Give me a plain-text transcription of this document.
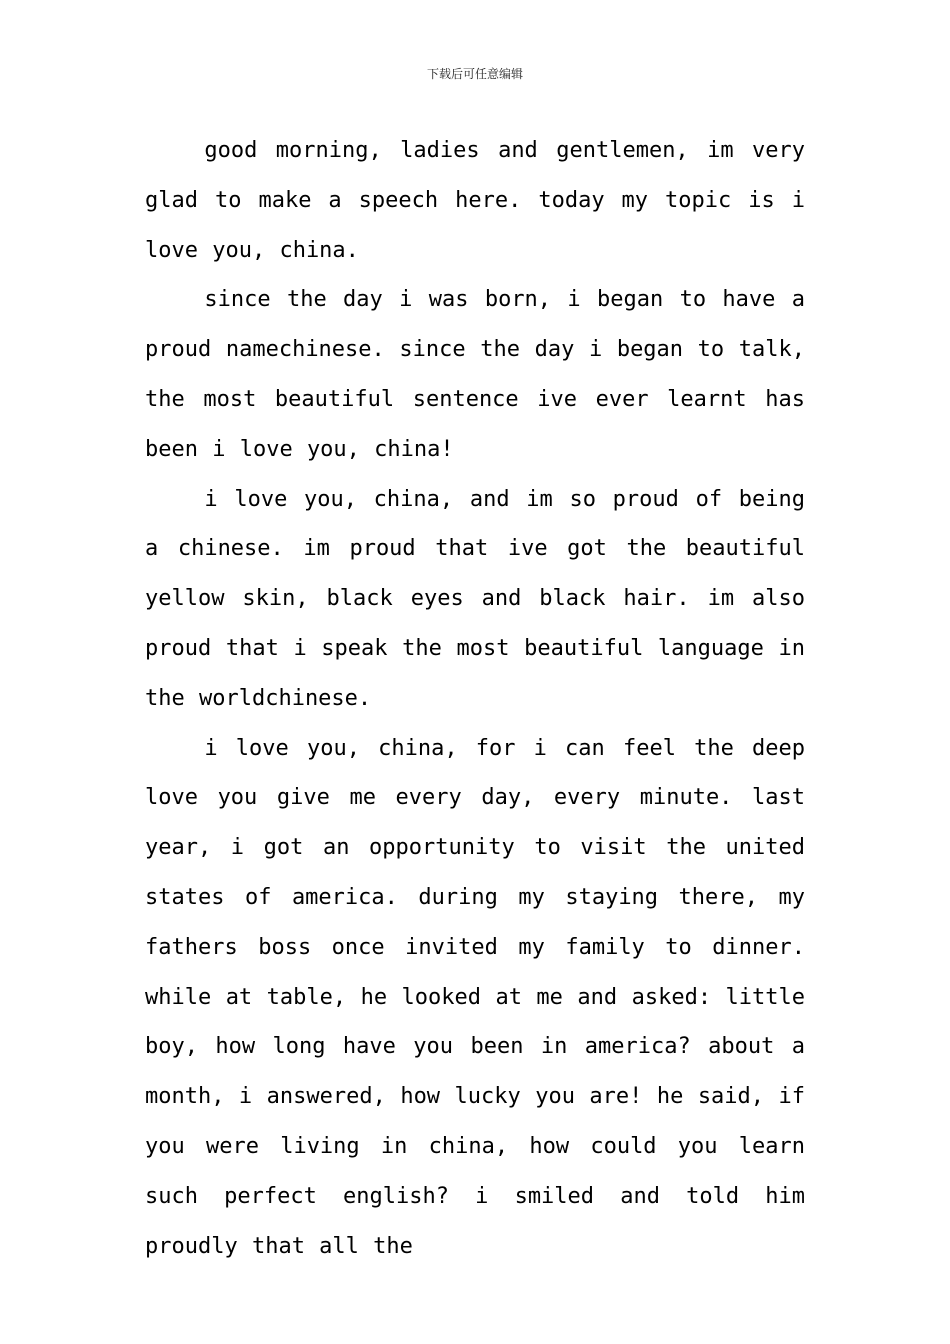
下载后可任意编辑

good morning, ladies and gentlemen, im very glad to make a speech here. today my topic is i love you, china.

since the day i was born, i began to have a proud namechinese. since the day i began to talk, the most beautiful sentence ive ever learnt has been i love you, china!

i love you, china, and im so proud of being a chinese. im proud that ive got the beautiful yellow skin, black eyes and black hair. im also proud that i speak the most beautiful language in the worldchinese.

i love you, china, for i can feel the deep love you give me every day, every minute. last year, i got an opportunity to visit the united states of america. during my staying there, my fathers boss once invited my family to dinner. while at table, he looked at me and asked: little boy, how long have you been in america? about a month, i answered, how lucky you are! he said, if you were living in china, how could you learn such perfect english? i smiled and told him proudly that all the
